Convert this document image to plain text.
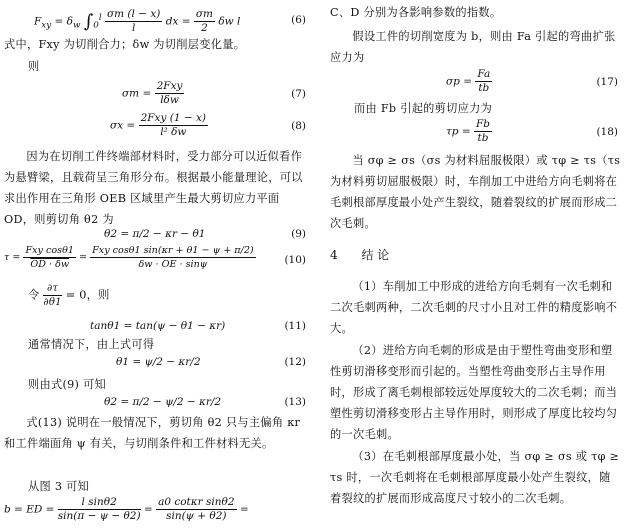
$F_{xy} = \delta_w$ $\int_0^l \frac{\sigma m (l - x)}{l}$ dx = $\frac{\sigma m}{2}$ δw l	(6)
式中，Fxy 为切削合力；δw 为切削层变化量。
则
$\sigma m = \frac{\text{2Fxy}}{\text{lδw}}$	(7)
$\sigma x = \frac{\text{2Fxy (1 − x)}}{\text{l² δw}}$	(8)
因为在切削工件终端部材料时，受力部分可以近似看作为悬臂梁，且载荷呈三角形分布。根据最小能量理论，可以求出作用在三角形 OEB 区域里产生最大剪切应力平面 OD，则剪切角 θ2 为
θ2 = π/2 − κr − θ1	(9)
$\tau = \frac{\text{Fxy cosθ1}}{OD \cdot \delta w} = \frac{\text{Fxy cosθ1 sin(κr + θ1 − ψ + π/2)}}{\delta w \cdot OE \cdot \sin\psi}$	(10)
令 $\frac{\partial\tau}{\partial\theta 1} = 0$，则
tanθ1 = tan(ψ − θ1 − κr)	(11)
通常情况下，由上式可得
θ1 = ψ/2 − κr/2	(12)
则由式(9) 可知
θ2 = π/2 − ψ/2 − κr/2	(13)
式(13) 说明在一般情况下，剪切角 θ2 只与主偏角 κr 和工件端面角 ψ 有关，与切削条件和工件材料无关。
从图 3 可知
b = ED = $\frac{\text{l sinθ2}}{\sin(\pi - \psi - \theta 2)} = \frac{\text{a0 cotκr sinθ2}}{\sin(\psi + \theta 2)}$ =
C、D 分别为各影响参数的指数。
假设工件的切削宽度为 b，则由 Fa 引起的弯曲扩张应力为
$\sigma p = \frac{Fa}{tb}$	(17)
而由 Fb 引起的剪切应力为
$\tau p = \frac{Fb}{tb}$	(18)
当 σφ ≥ σs（σs 为材料屈服极限）或 τφ ≥ τs（τs 为材料剪切屈服极限）时，车削加工中进给方向毛刺将在毛刺根部厚度最小处产生裂纹，随着裂纹的扩展而形成二次毛刺。
4 结 论
（1）车削加工中形成的进给方向毛刺有一次毛刺和二次毛刺两种，二次毛刺的尺寸小且对工件的精度影响不大。
（2）进给方向毛刺的形成是由于塑性弯曲变形和塑性剪切滑移变形而引起的。当塑性弯曲变形占主导作用时，形成了离毛刺根部较远处厚度较大的二次毛刺；而当塑性剪切滑移变形占主导作用时，则形成了厚度比较均匀的一次毛刺。
（3）在毛刺根部厚度最小处，当 σφ ≥ σs 或 τφ ≥ τs 时，一次毛刺将在毛刺根部厚度最小处产生裂纹，随着裂纹的扩展而形成高度尺寸较小的二次毛刺。
